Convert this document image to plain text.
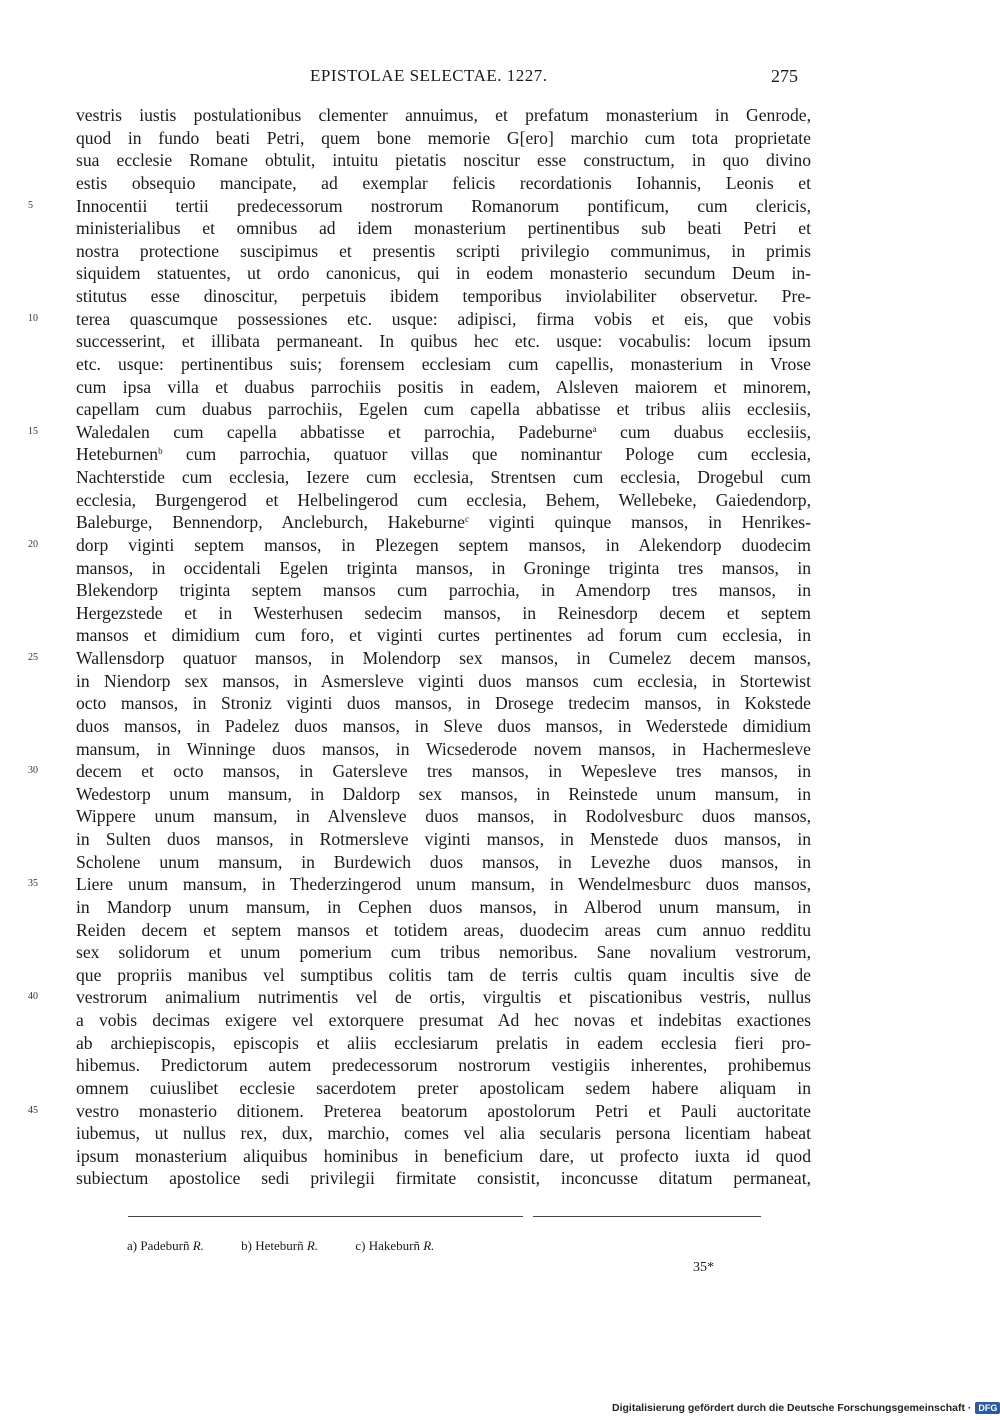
EPISTOLAE SELECTAE. 1227.	275
vestris iustis postulationibus clementer annuimus, et prefatum monasterium in Genrode,
quod in fundo beati Petri, quem bone memorie G[ero] marchio cum tota proprietate
sua ecclesie Romane obtulit, intuitu pietatis noscitur esse constructum, in quo divino
estis obsequio mancipate, ad exemplar felicis recordationis Iohannis, Leonis et
5	Innocentii tertii predecessorum nostrorum Romanorum pontificum, cum clericis,
ministerialibus et omnibus ad idem monasterium pertinentibus sub beati Petri et
nostra protectione suscipimus et presentis scripti privilegio communimus, in primis
siquidem statuentes, ut ordo canonicus, qui in eodem monasterio secundum Deum in-
stitutus esse dinoscitur, perpetuis ibidem temporibus inviolabiliter observetur. Pre-
10	terea quascumque possessiones etc. usque: adipisci, firma vobis et eis, que vobis
successerint, et illibata permaneant. In quibus hec etc. usque: vocabulis: locum ipsum
etc. usque: pertinentibus suis; forensem ecclesiam cum capellis, monasterium in Vrose
cum ipsa villa et duabus parrochiis positis in eadem, Alsleven maiorem et minorem,
capellam cum duabus parrochiis, Egelen cum capella abbatisse et tribus aliis ecclesiis,
15	Waledalen cum capella abbatisse et parrochia, Padeburne$^a$ cum duabus ecclesiis,
Heteburnen$^b$ cum parrochia, quatuor villas que nominantur Pologe cum ecclesia,
Nachterstide cum ecclesia, Iezere cum ecclesia, Strentsen cum ecclesia, Drogebul cum
ecclesia, Burgengerod et Helbelingerod cum ecclesia, Behem, Wellebeke, Gaiedendorp,
Baleburge, Bennendorp, Ancleburch, Hakeburne$^c$ viginti quinque mansos, in Henrikes-
20	dorp viginti septem mansos, in Plezegen septem mansos, in Alekendorp duodecim
mansos, in occidentali Egelen triginta mansos, in Groninge triginta tres mansos, in
Blekendorp triginta septem mansos cum parrochia, in Amendorp tres mansos, in
Hergezstede et in Westerhusen sedecim mansos, in Reinesdorp decem et septem
mansos et dimidium cum foro, et viginti curtes pertinentes ad forum cum ecclesia, in
25	Wallensdorp quatuor mansos, in Molendorp sex mansos, in Cumelez decem mansos,
in Niendorp sex mansos, in Asmersleve viginti duos mansos cum ecclesia, in Stortewist
octo mansos, in Stroniz viginti duos mansos, in Drosege tredecim mansos, in Kokstede
duos mansos, in Padelez duos mansos, in Sleve duos mansos, in Wederstede dimidium
mansum, in Winninge duos mansos, in Wicsederode novem mansos, in Hachermesleve
30	decem et octo mansos, in Gatersleve tres mansos, in Wepesleve tres mansos, in
Wedestorp unum mansum, in Daldorp sex mansos, in Reinstede unum mansum, in
Wippere unum mansum, in Alvensleve duos mansos, in Rodolvesburc duos mansos,
in Sulten duos mansos, in Rotmersleve viginti mansos, in Menstede duos mansos, in
Scholene unum mansum, in Burdewich duos mansos, in Levezhe duos mansos, in
35	Liere unum mansum, in Thederzingerod unum mansum, in Wendelmesburc duos mansos,
in Mandorp unum mansum, in Cephen duos mansos, in Alberod unum mansum, in
Reiden decem et septem mansos et totidem areas, duodecim areas cum annuo redditu
sex solidorum et unum pomerium cum tribus nemoribus. Sane novalium vestrorum,
que propriis manibus vel sumptibus colitis tam de terris cultis quam incultis sive de
40	vestrorum animalium nutrimentis vel de ortis, virgultis et piscationibus vestris, nullus
a vobis decimas exigere vel extorquere presumat Ad hec novas et indebitas exactiones
ab archiepiscopis, episcopis et aliis ecclesiarum prelatis in eadem ecclesia fieri pro-
hibemus. Predictorum autem predecessorum nostrorum vestigiis inherentes, prohibemus
omnem cuiuslibet ecclesie sacerdotem preter apostolicam sedem habere aliquam in
45	vestro monasterio ditionem. Preterea beatorum apostolorum Petri et Pauli auctoritate
iubemus, ut nullus rex, dux, marchio, comes vel alia secularis persona licentiam habeat
ipsum monasterium aliquibus hominibus in beneficium dare, ut profecto iuxta id quod
subiectum apostolice sedi privilegii firmitate consistit, inconcusse ditatum permaneat,
a) Padeburñ R.	b) Heteburñ R.	c) Hakeburñ R.
35*
Digitalisierung gefördert durch die Deutsche Forschungsgemeinschaft · DFG
